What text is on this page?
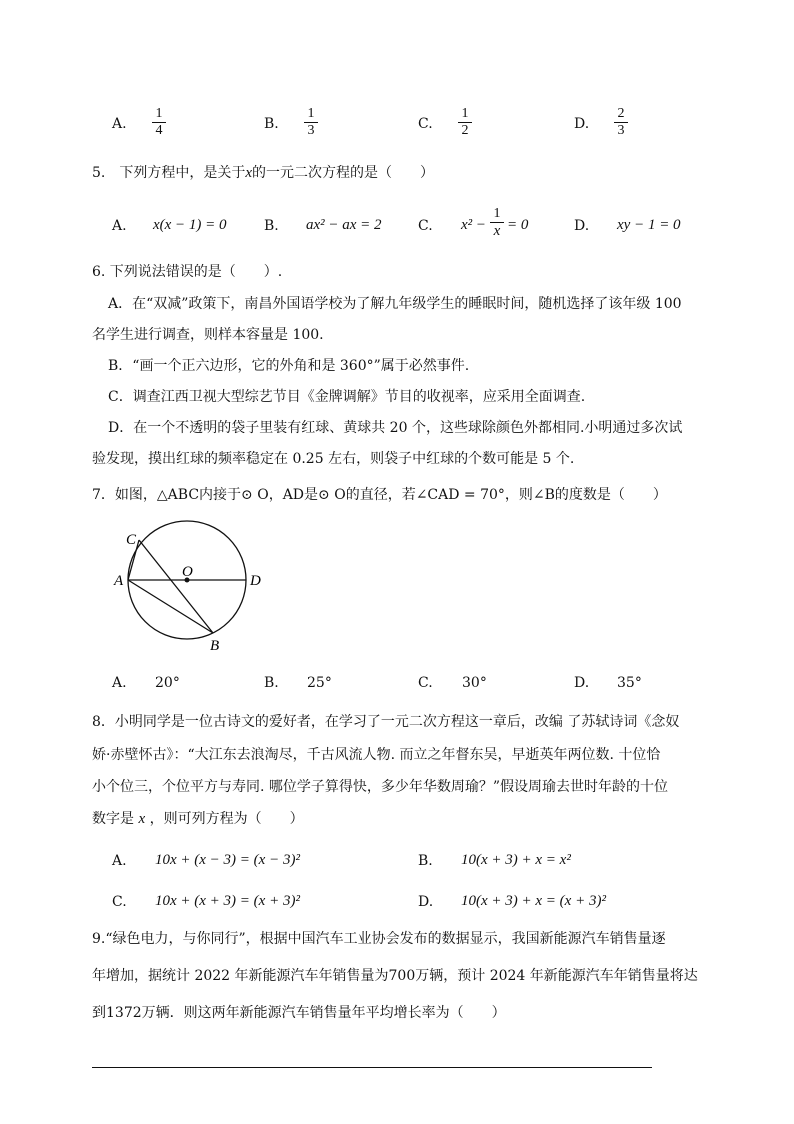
A.
1
4	B.
1
3	C.
1
2	D.
2
3
5.　下列方程中，是关于x的一元二次方程的是（　　）
A. x(x − 1) = 0	B. ax² − ax = 2	C. x² −
1
x = 0	D. xy − 1 = 0
6. 下列说法错误的是（　　）.
A．在“双减”政策下，南昌外国语学校为了解九年级学生的睡眠时间，随机选择了该年级 100
名学生进行调查，则样本容量是 100.
B．“画一个正六边形，它的外角和是 360°”属于必然事件.
C．调查江西卫视大型综艺节目《金牌调解》节目的收视率，应采用全面调查.
D．在一个不透明的袋子里装有红球、黄球共 20 个，这些球除颜色外都相同.小明通过多次试
验发现，摸出红球的频率稳定在 0.25 左右，则袋子中红球的个数可能是 5 个.
7．如图，△ABC内接于⊙ O，AD是⊙ O的直径，若∠CAD = 70°，则∠B的度数是（　　）
C
A
O
D
B
A. 20°	B. 25°	C. 30°	D. 35°
8．小明同学是一位古诗文的爱好者，在学习了一元二次方程这一章后，改编 了苏轼诗词《念奴
娇·赤壁怀古》：“大江东去浪淘尽，千古风流人物. 而立之年督东吴，早逝英年两位数. 十位恰
小个位三，个位平方与寿同. 哪位学子算得快，多少年华数周瑜？”假设周瑜去世时年龄的十位
数字是 x ，则可列方程为（　　）
A. 10x + (x − 3) = (x − 3)²	B. 10(x + 3) + x = x²
C. 10x + (x + 3) = (x + 3)²	D. 10(x + 3) + x = (x + 3)²
9.“绿色电力，与你同行”，根据中国汽车工业协会发布的数据显示，我国新能源汽车销售量逐
年增加，据统计 2022 年新能源汽车年销售量为700万辆，预计 2024 年新能源汽车年销售量将达
到1372万辆．则这两年新能源汽车销售量年平均增长率为（　　）
